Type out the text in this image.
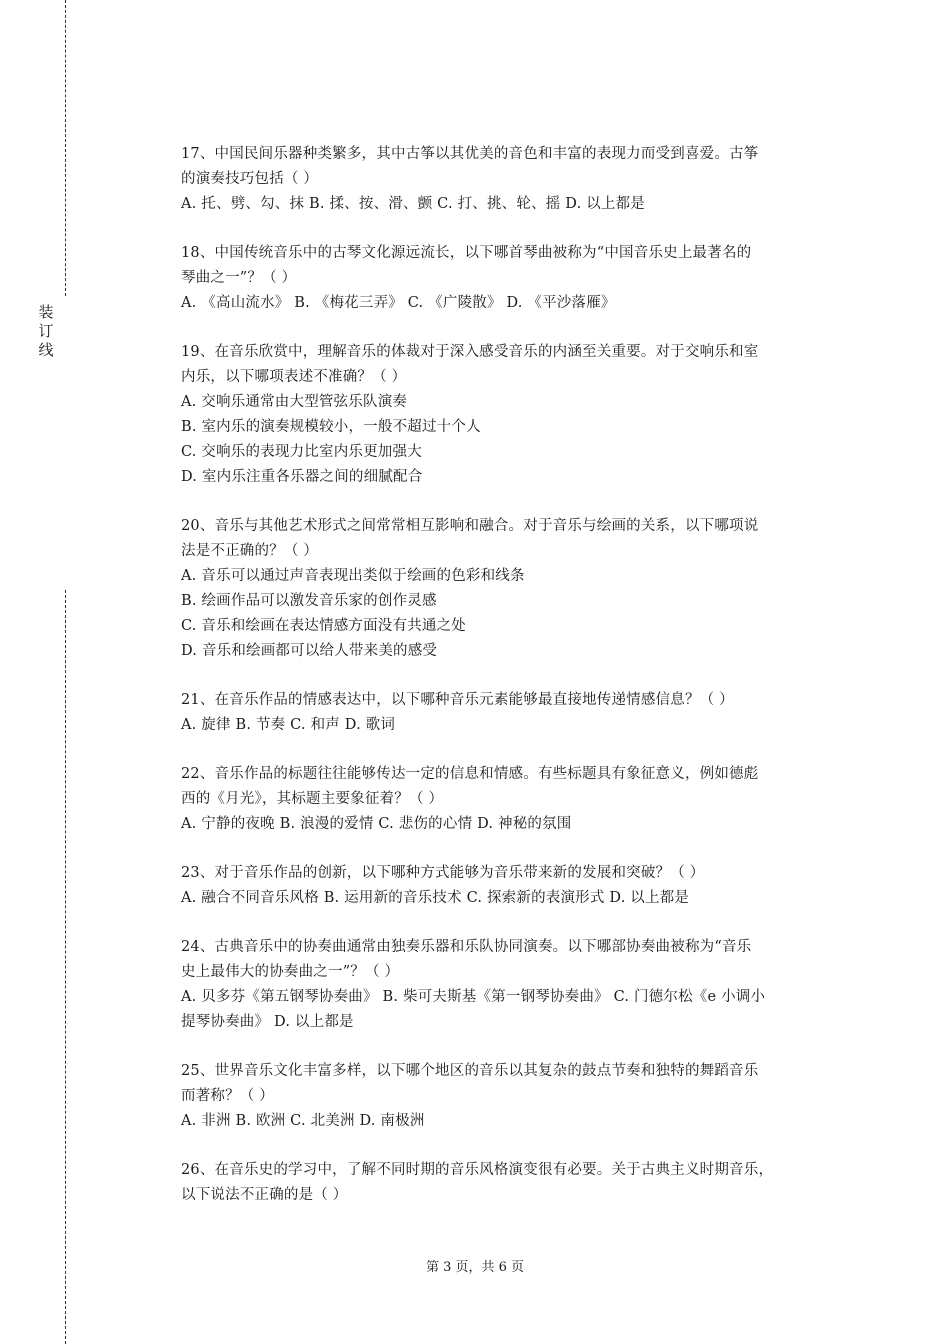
装
订
线
17、中国民间乐器种类繁多，其中古筝以其优美的音色和丰富的表现力而受到喜爱。古筝
的演奏技巧包括（ ）
A. 托、劈、勾、抹 B. 揉、按、滑、颤 C. 打、挑、轮、摇 D. 以上都是
18、中国传统音乐中的古琴文化源远流长，以下哪首琴曲被称为“中国音乐史上最著名的
琴曲之一”？（ ）
A. 《高山流水》 B. 《梅花三弄》 C. 《广陵散》 D. 《平沙落雁》
19、在音乐欣赏中，理解音乐的体裁对于深入感受音乐的内涵至关重要。对于交响乐和室
内乐，以下哪项表述不准确？（ ）
A. 交响乐通常由大型管弦乐队演奏
B. 室内乐的演奏规模较小，一般不超过十个人
C. 交响乐的表现力比室内乐更加强大
D. 室内乐注重各乐器之间的细腻配合
20、音乐与其他艺术形式之间常常相互影响和融合。对于音乐与绘画的关系，以下哪项说
法是不正确的？（ ）
A. 音乐可以通过声音表现出类似于绘画的色彩和线条
B. 绘画作品可以激发音乐家的创作灵感
C. 音乐和绘画在表达情感方面没有共通之处
D. 音乐和绘画都可以给人带来美的感受
21、在音乐作品的情感表达中，以下哪种音乐元素能够最直接地传递情感信息？（ ）
A. 旋律 B. 节奏 C. 和声 D. 歌词
22、音乐作品的标题往往能够传达一定的信息和情感。有些标题具有象征意义，例如德彪
西的《月光》，其标题主要象征着？（ ）
A. 宁静的夜晚 B. 浪漫的爱情 C. 悲伤的心情 D. 神秘的氛围
23、对于音乐作品的创新，以下哪种方式能够为音乐带来新的发展和突破？（ ）
A. 融合不同音乐风格 B. 运用新的音乐技术 C. 探索新的表演形式 D. 以上都是
24、古典音乐中的协奏曲通常由独奏乐器和乐队协同演奏。以下哪部协奏曲被称为“音乐
史上最伟大的协奏曲之一”？（ ）
A. 贝多芬《第五钢琴协奏曲》 B. 柴可夫斯基《第一钢琴协奏曲》 C. 门德尔松《e 小调小
提琴协奏曲》 D. 以上都是
25、世界音乐文化丰富多样，以下哪个地区的音乐以其复杂的鼓点节奏和独特的舞蹈音乐
而著称？（ ）
A. 非洲 B. 欧洲 C. 北美洲 D. 南极洲
26、在音乐史的学习中，了解不同时期的音乐风格演变很有必要。关于古典主义时期音乐，
以下说法不正确的是（ ）
第 3 页，共 6 页
